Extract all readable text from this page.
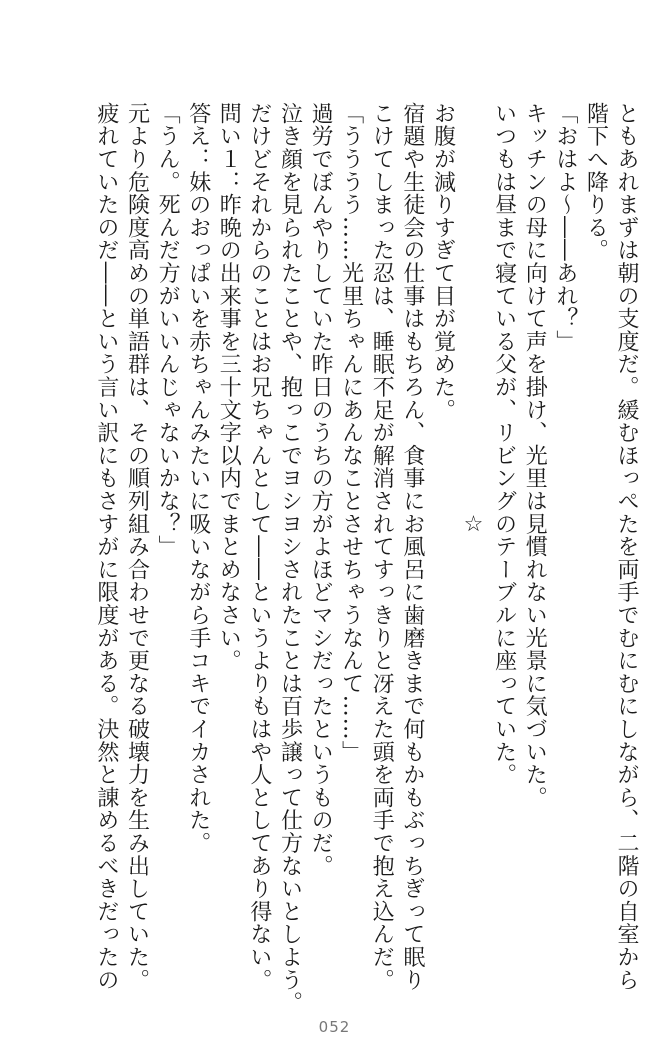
ともあれまずは朝の支度だ。緩むほっぺたを両手でむにむにしながら、二階の自室から

階下へ降りる。

「おはよ～――あれ？」

キッチンの母に向けて声を掛け、光里は見慣れない光景に気づいた。

いつもは昼まで寝ている父が、リビングのテーブルに座っていた。

☆

お腹が減りすぎて目が覚めた。

宿題や生徒会の仕事はもちろん、食事にお風呂に歯磨きまで何もかもぶっちぎって眠り

こけてしまった忍は、睡眠不足が解消されてすっきりと冴えた頭を両手で抱え込んだ。

「うううう……光里ちゃんにあんなことさせちゃうなんて……」

過労でぼんやりしていた昨日のうちの方がよほどマシだったというものだ。

泣き顔を見られたことや、抱っこでヨシヨシされたことは百歩譲って仕方ないとしよう。

だけどそれからのことはお兄ちゃんとして――というよりもはや人としてあり得ない。

問い１：昨晩の出来事を三十文字以内でまとめなさい。

答え：妹のおっぱいを赤ちゃんみたいに吸いながら手コキでイカされた。

「うん。死んだ方がいいんじゃないかな？」

元より危険度高めの単語群は、その順列組み合わせで更なる破壊力を生み出していた。

疲れていたのだ――という言い訳にもさすがに限度がある。決然と諌めるべきだったの

052
